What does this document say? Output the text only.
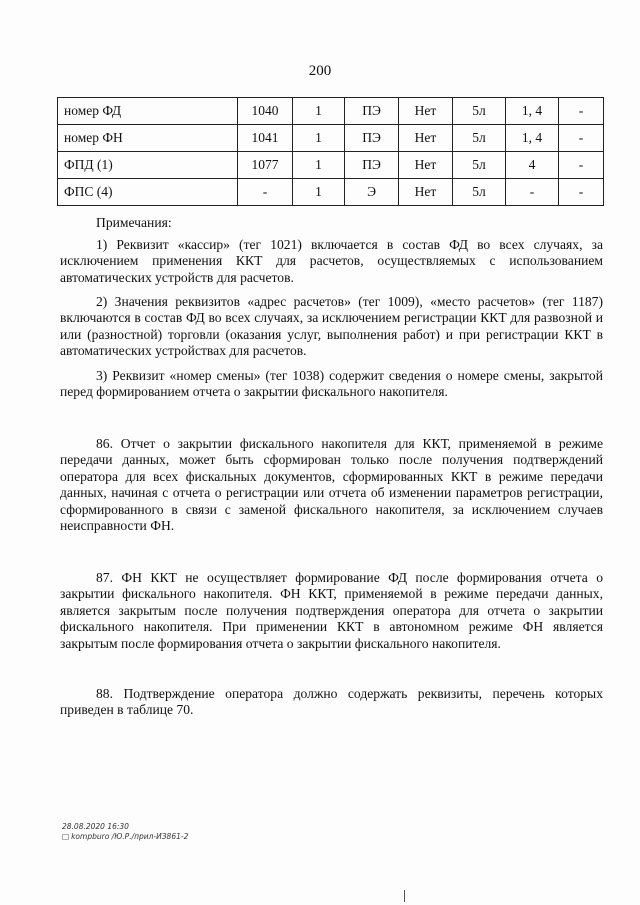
200
номер ФД	1040	1	ПЭ	Нет	5л	1, 4	-
номер ФН	1041	1	ПЭ	Нет	5л	1, 4	-
ФПД (1)	1077	1	ПЭ	Нет	5л	4	-
ФПС (4)	-	1	Э	Нет	5л	-	-

Примечания:

1) Реквизит «кассир» (тег 1021) включается в состав ФД во всех случаях, за исключением применения ККТ для расчетов, осуществляемых с использованием автоматических устройств для расчетов.

2) Значения реквизитов «адрес расчетов» (тег 1009), «место расчетов» (тег 1187) включаются в состав ФД во всех случаях, за исключением регистрации ККТ для развозной и или (разностной) торговли (оказания услуг, выполнения работ) и при регистрации ККТ в автоматических устройствах для расчетов.

3) Реквизит «номер смены» (тег 1038) содержит сведения о номере смены, закрытой перед формированием отчета о закрытии фискального накопителя.

86. Отчет о закрытии фискального накопителя для ККТ, применяемой в режиме передачи данных, может быть сформирован только после получения подтверждений оператора для всех фискальных документов, сформированных ККТ в режиме передачи данных, начиная с отчета о регистрации или отчета об изменении параметров регистрации, сформированного в связи с заменой фискального накопителя, за исключением случаев неисправности ФН.

87. ФН ККТ не осуществляет формирование ФД после формирования отчета о закрытии фискального накопителя. ФН ККТ, применяемой в режиме передачи данных, является закрытым после получения подтверждения оператора для отчета о закрытии фискального накопителя. При применении ККТ в автономном режиме ФН является закрытым после формирования отчета о закрытии фискального накопителя.

88. Подтверждение оператора должно содержать реквизиты, перечень которых приведен в таблице 70.

28.08.2020 16:30
□ kompburo /Ю.Р./прил-ИЗ861-2
